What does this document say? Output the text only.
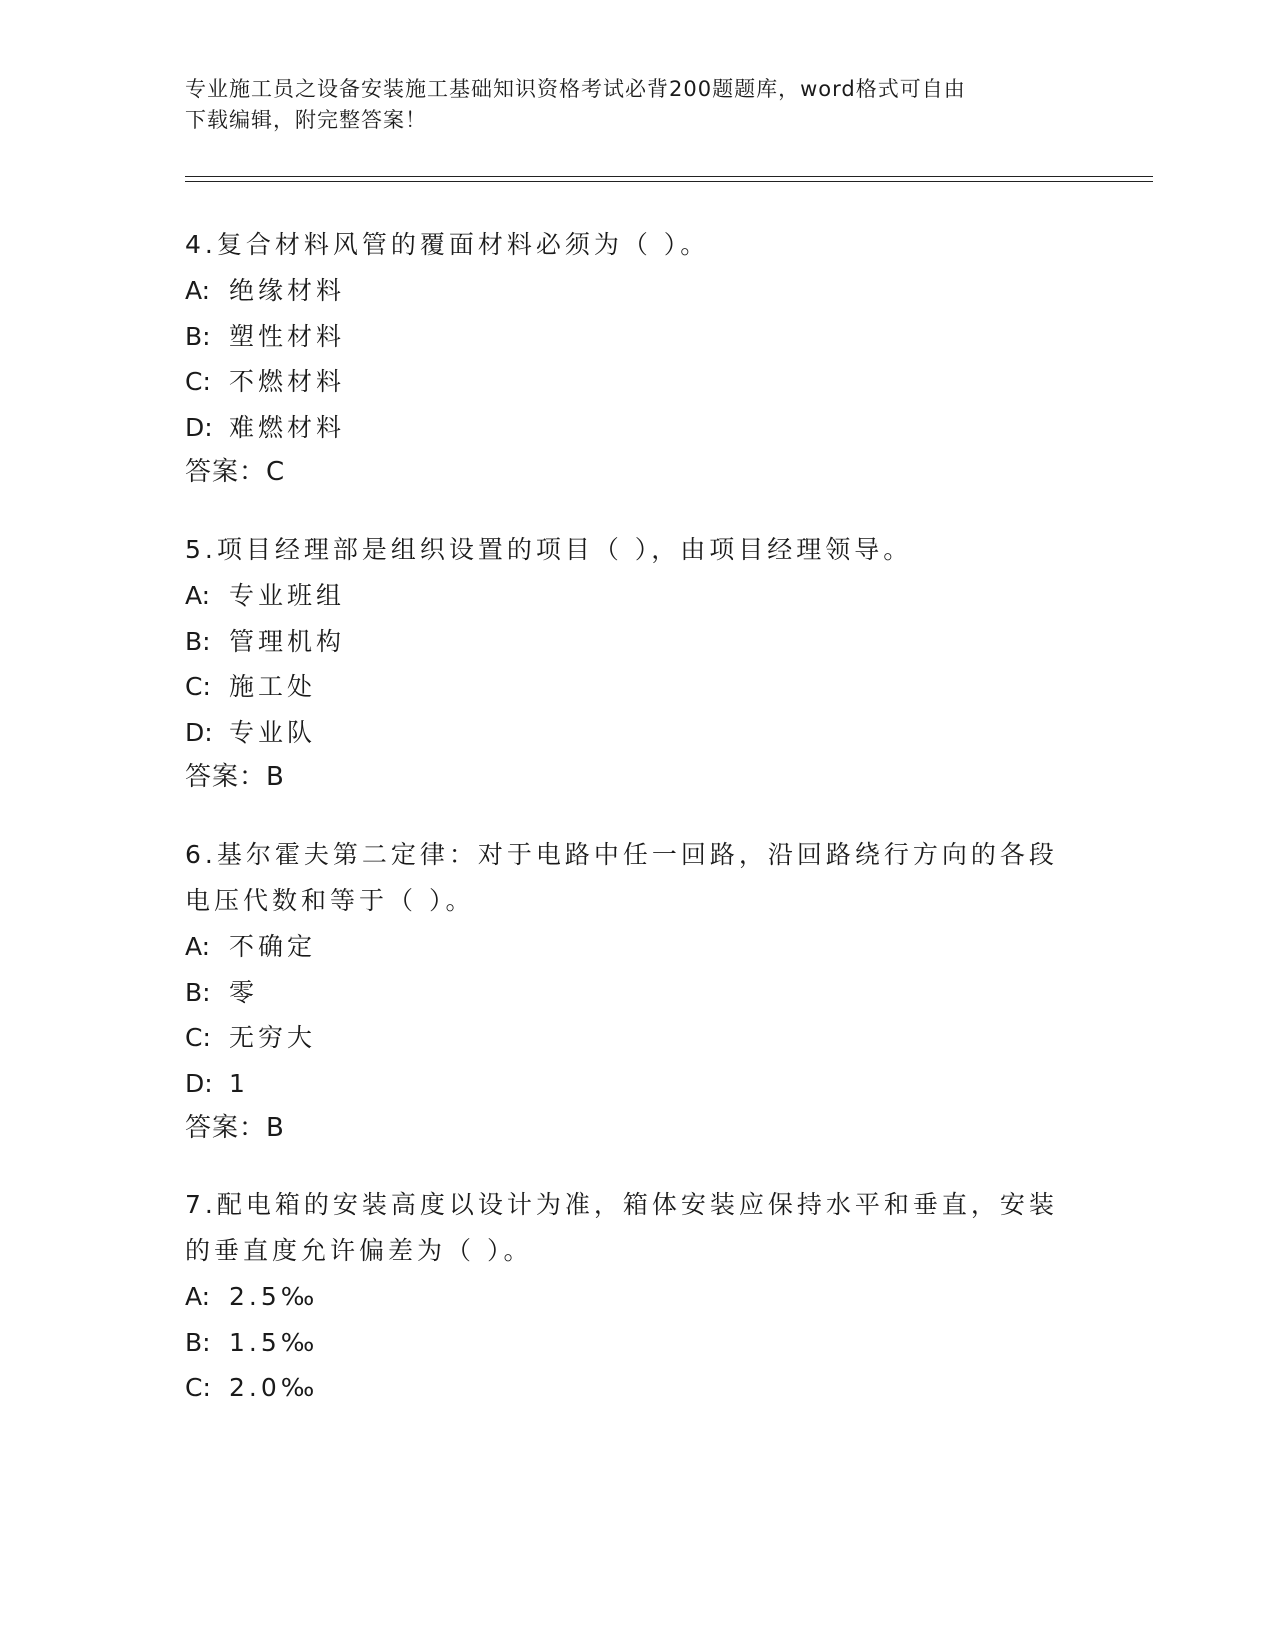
专业施工员之设备安装施工基础知识资格考试必背200题题库，word格式可自由
下载编辑，附完整答案！

4.复合材料风管的覆面材料必须为（ ）。

A: 绝缘材料

B: 塑性材料

C: 不燃材料

D: 难燃材料

答案：C

5.项目经理部是组织设置的项目（ ），由项目经理领导。

A: 专业班组

B: 管理机构

C: 施工处

D: 专业队

答案：B

6.基尔霍夫第二定律：对于电路中任一回路，沿回路绕行方向的各段电压代数和等于（ ）。

A: 不确定

B: 零

C: 无穷大

D: 1

答案：B

7.配电箱的安装高度以设计为准，箱体安装应保持水平和垂直，安装的垂直度允许偏差为（ ）。

A: 2.5‰

B: 1.5‰

C: 2.0‰
